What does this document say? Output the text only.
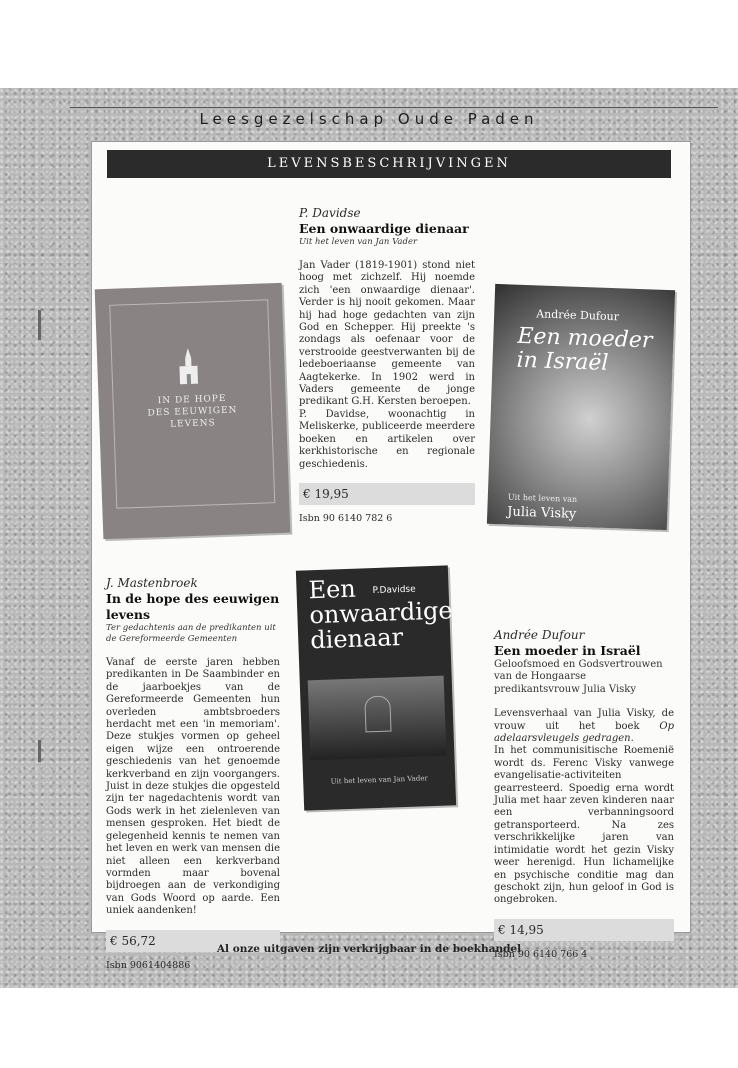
Leesgezelschap Oude Paden
LEVENSBESCHRIJVINGEN
IN DE HOPE
DES EEUWIGEN
LEVENS
Andrée Dufour
Een moeder
in Israël
Uit het leven van
Julia Visky
Een
onwaardige
dienaar
P.Davidse
Uit het leven van Jan Vader
P. Davidse
Een onwaardige dienaar
Uit het leven van Jan Vader

Jan Vader (1819-1901) stond niet hoog met zichzelf. Hij noemde zich 'een onwaardige dienaar'. Verder is hij nooit gekomen. Maar hij had hoge gedachten van zijn God en Schepper. Hij preekte 's zondags als oefenaar voor de verstrooide geestverwanten bij de ledeboeriaanse gemeente van Aagtekerke. In 1902 werd in Vaders gemeente de jonge predikant G.H. Kersten beroepen.

P. Davidse, woonachtig in Meliskerke, publiceerde meerdere boeken en artikelen over kerkhistorische en regionale geschiedenis.

€ 19,95
Isbn 90 6140 782 6
J. Mastenbroek
In de hope des eeuwigen levens
Ter gedachtenis aan de predikanten uit de Gereformeerde Gemeenten

Vanaf de eerste jaren hebben predikanten in De Saambinder en de jaarboekjes van de Gereformeerde Gemeenten hun overleden ambtsbroeders herdacht met een 'in memoriam'. Deze stukjes vormen op geheel eigen wijze een ontroerende geschiedenis van het genoemde kerkverband en zijn voorgangers. Juist in deze stukjes die opgesteld zijn ter nagedachtenis wordt van Gods werk in het zielenleven van mensen gesproken. Het biedt de gelegenheid kennis te nemen van het leven en werk van mensen die niet alleen een kerkverband vormden maar bovenal bijdroegen aan de verkondiging van Gods Woord op aarde. Een uniek aandenken!

€ 56,72
Isbn 9061404886
Andrée Dufour
Een moeder in Israël
Geloofsmoed en Godsvertrouwen van de Hongaarse predikantsvrouw Julia Visky

Levensverhaal van Julia Visky, de vrouw uit het boek Op adelaarsvleugels gedragen.

In het communisitische Roemenië wordt ds. Ferenc Visky vanwege evangelisatie-activiteiten gearresteerd. Spoedig erna wordt Julia met haar zeven kinderen naar een verbanningsoord getransporteerd. Na zes verschrikkelijke jaren van intimidatie wordt het gezin Visky weer herenigd. Hun lichamelijke en psychische conditie mag dan geschokt zijn, hun geloof in God is ongebroken.

€ 14,95
Isbn 90 6140 766 4
Al onze uitgaven zijn verkrijgbaar in de boekhandel
